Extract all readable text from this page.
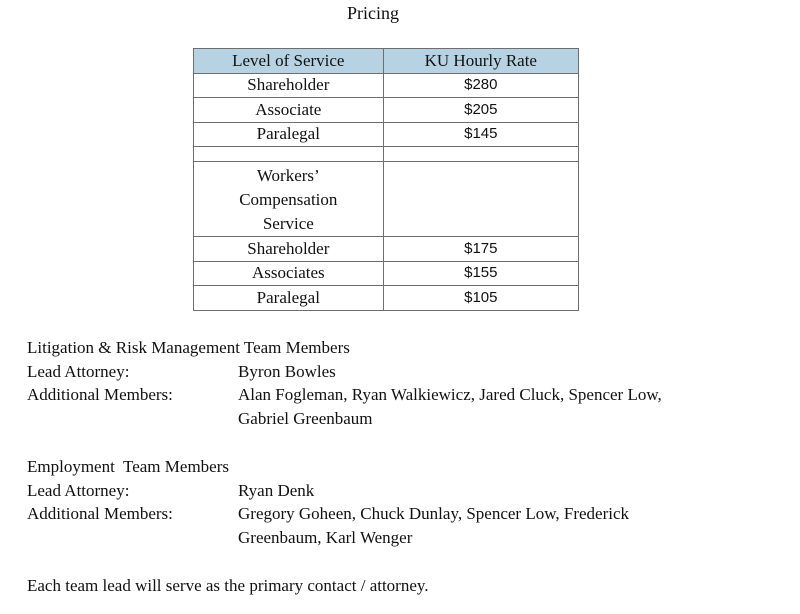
Pricing
Level of Service	KU Hourly Rate
Shareholder	$280
Associate	$205
Paralegal	$145

Workers’
Compensation
Service	

Shareholder	$175
Associates	$155
Paralegal	$105
Litigation & Risk Management Team Members
Lead Attorney:	Byron Bowles
Additional Members:	Alan Fogleman, Ryan Walkiewicz, Jared Cluck, Spencer Low,
Gabriel Greenbaum
Employment  Team Members
Lead Attorney:	Ryan Denk
Additional Members:	Gregory Goheen, Chuck Dunlay, Spencer Low, Frederick
Greenbaum, Karl Wenger
Each team lead will serve as the primary contact / attorney.
